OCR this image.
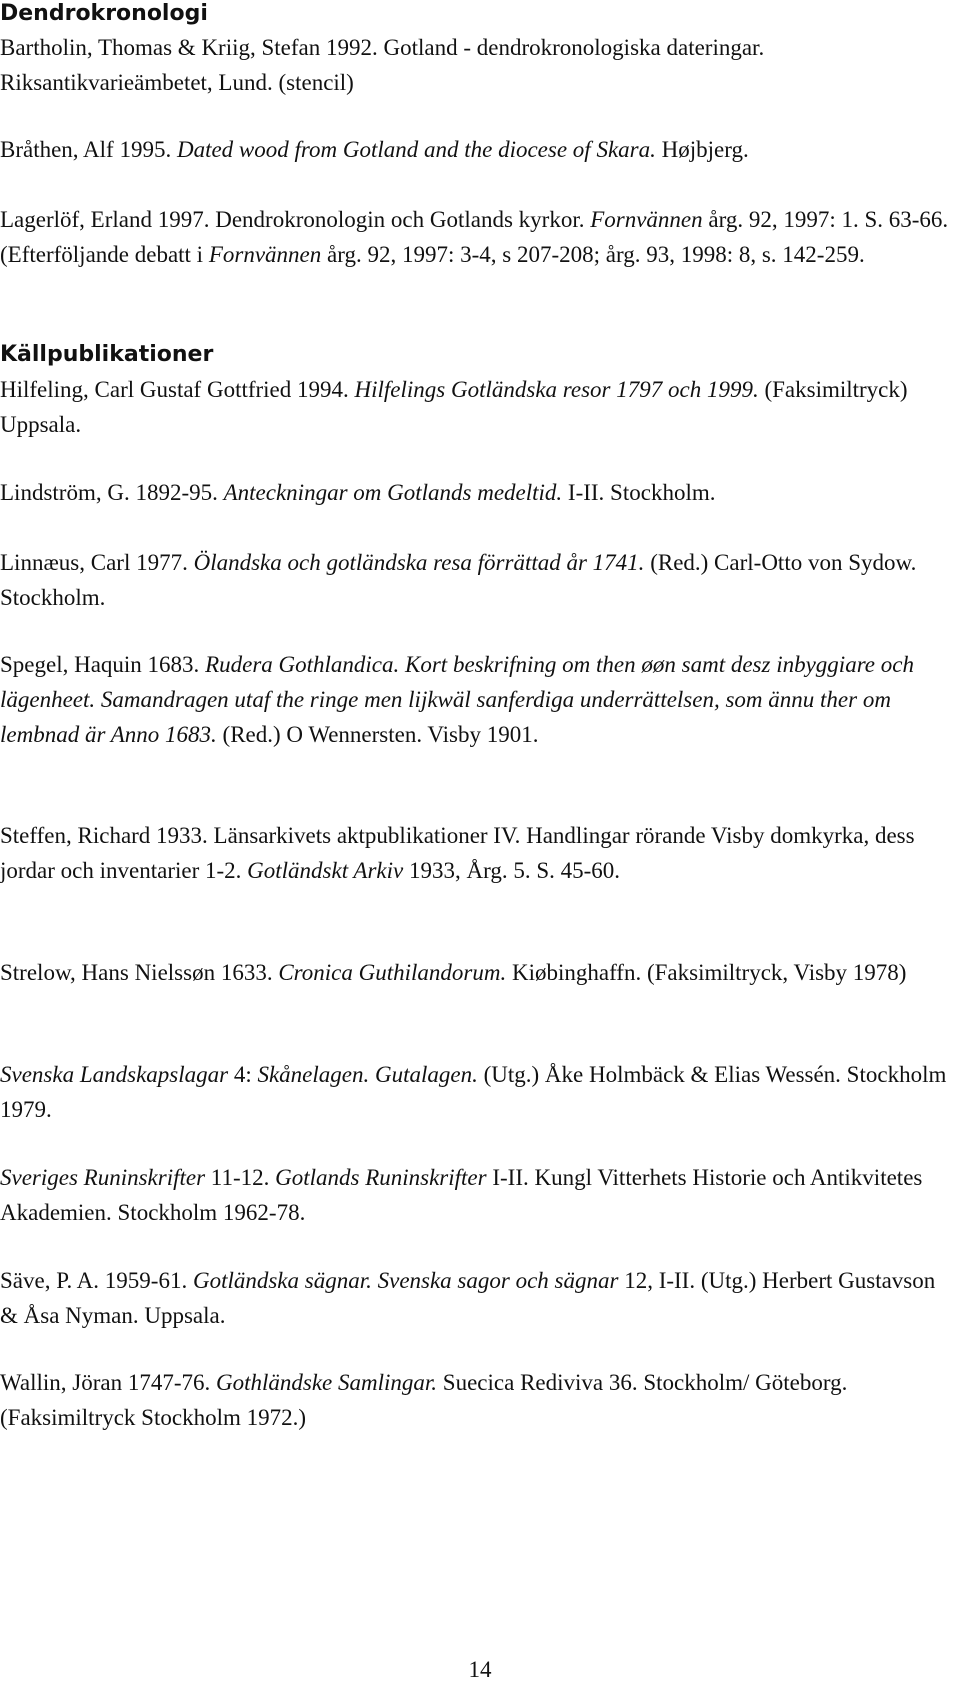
Dendrokronologi

Bartholin, Thomas & Kriig, Stefan 1992. Gotland - dendrokronologiska dateringar. Riksantikvarieämbetet, Lund. (stencil)

Bråthen, Alf 1995. Dated wood from Gotland and the diocese of Skara. Højbjerg.

Lagerlöf, Erland 1997. Dendrokronologin och Gotlands kyrkor. Fornvännen årg. 92, 1997: 1. S. 63-66. (Efterföljande debatt i Fornvännen årg. 92, 1997: 3-4, s 207-208; årg. 93, 1998: 8, s. 142-259.

Källpublikationer

Hilfeling, Carl Gustaf Gottfried 1994. Hilfelings Gotländska resor 1797 och 1999. (Faksimiltryck) Uppsala.

Lindström, G. 1892-95. Anteckningar om Gotlands medeltid. I-II. Stockholm.

Linnæus, Carl 1977. Ölandska och gotländska resa förrättad år 1741. (Red.) Carl-Otto von Sydow. Stockholm.

Spegel, Haquin 1683. Rudera Gothlandica. Kort beskrifning om then øøn samt desz inbyggiare och lägenheet. Samandragen utaf the ringe men lijkwäl sanferdiga underrättelsen, som ännu ther om lembnad är Anno 1683. (Red.) O Wennersten. Visby 1901.

Steffen, Richard 1933. Länsarkivets aktpublikationer IV. Handlingar rörande Visby domkyrka, dess jordar och inventarier 1-2. Gotländskt Arkiv 1933, Årg. 5. S. 45-60.

Strelow, Hans Nielssøn 1633. Cronica Guthilandorum. Kiøbinghaffn. (Faksimiltryck, Visby 1978)

Svenska Landskapslagar 4: Skånelagen. Gutalagen. (Utg.) Åke Holmbäck & Elias Wessén. Stockholm 1979.

Sveriges Runinskrifter 11-12. Gotlands Runinskrifter I-II. Kungl Vitterhets Historie och Antikvitetes Akademien. Stockholm 1962-78.

Säve, P. A. 1959-61. Gotländska sägnar. Svenska sagor och sägnar 12, I-II. (Utg.) Herbert Gustavson & Åsa Nyman. Uppsala.

Wallin, Jöran 1747-76. Gothländske Samlingar. Suecica Rediviva 36. Stockholm/ Göteborg. (Faksimiltryck Stockholm 1972.)

14
